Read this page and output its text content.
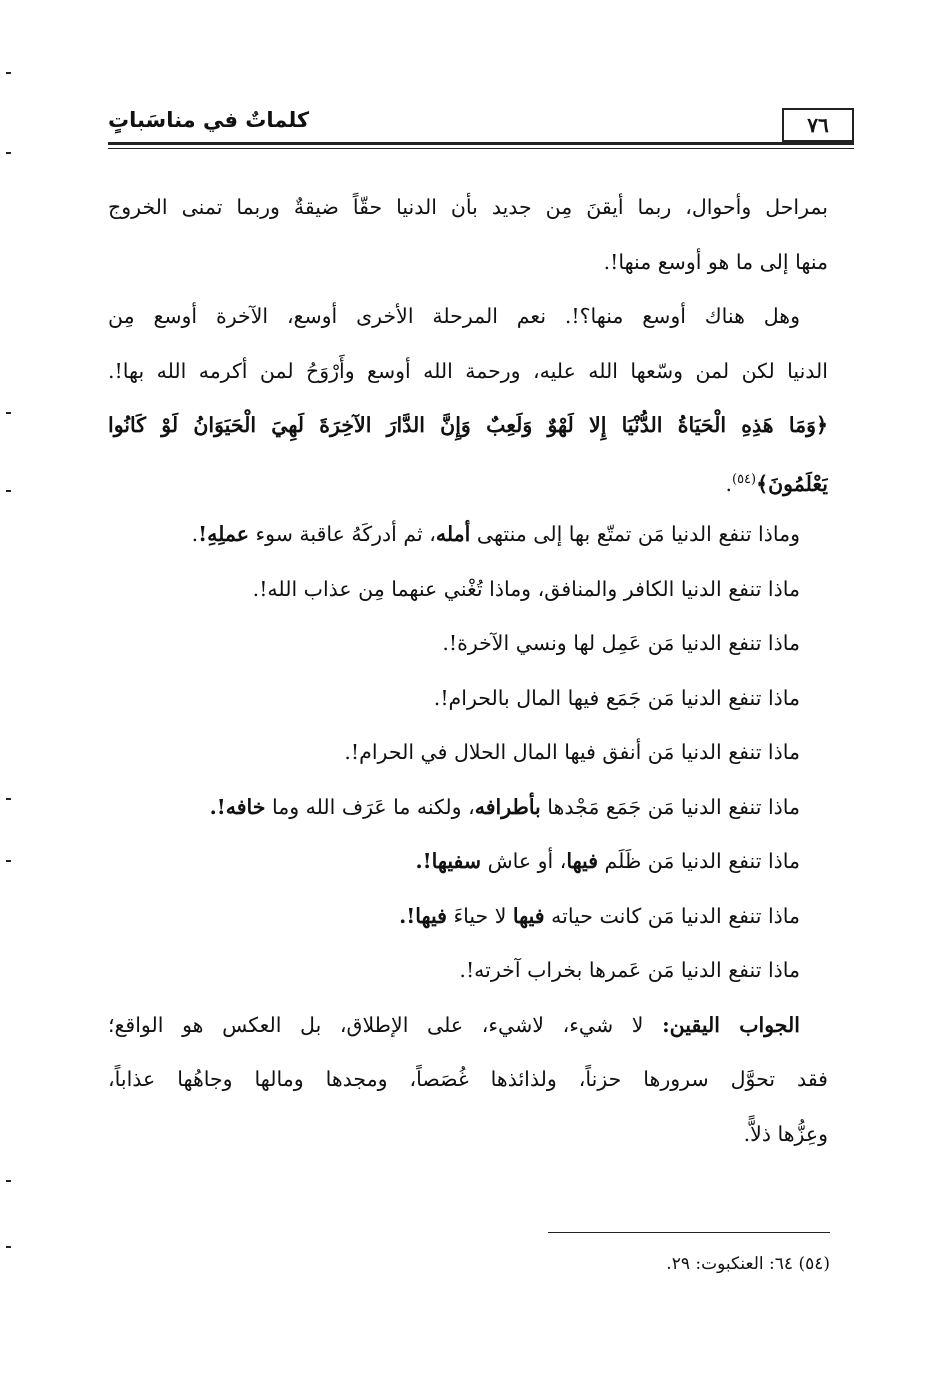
٧٦
كلماتٌ في مناسَباتٍ
بمراحل وأحوال، ربما أيقنَ مِن جديد بأن الدنيا حقّاً ضيقةٌ وربما تمنى الخروج
منها إلى ما هو أوسع منها!.
وهل هناك أوسع منها؟!. نعم المرحلة الأخرى أوسع، الآخرة أوسع مِن
الدنيا لكن لمن وسّعها الله عليه، ورحمة الله أوسع وأَرْوَحُ لمن أكرمه الله بها!.
﴿وَمَا هَذِهِ الْحَيَاةُ الدُّنْيَا إِلا لَهْوٌ وَلَعِبٌ وَإِنَّ الدَّارَ الآخِرَةَ لَهِيَ الْحَيَوَانُ لَوْ كَانُوا
يَعْلَمُونَ﴾$^{(٥٤)}$.
وماذا تنفع الدنيا مَن تمتّع بها إلى منتهى أمله، ثم أدركَهُ عاقبة سوء عملِهِ!.
ماذا تنفع الدنيا الكافر والمنافق، وماذا تُغْني عنهما مِن عذاب الله!.
ماذا تنفع الدنيا مَن عَمِل لها ونسي الآخرة!.
ماذا تنفع الدنيا مَن جَمَع فيها المال بالحرام!.
ماذا تنفع الدنيا مَن أنفق فيها المال الحلال في الحرام!.
ماذا تنفع الدنيا مَن جَمَع مَجْدها بأطرافه، ولكنه ما عَرَف الله وما خافه!.
ماذا تنفع الدنيا مَن ظَلَم فيها، أو عاش سفيها!.
ماذا تنفع الدنيا مَن كانت حياته فيها لا حياءَ فيها!.
ماذا تنفع الدنيا مَن عَمرها بخراب آخرته!.
الجواب اليقين: لا شيء، لاشيء، على الإطلاق، بل العكس هو الواقع؛
فقد تحوَّل سرورها حزناً، ولذائذها غُصَصاً، ومجدها ومالها وجاهُها عذاباً،
وعِزُّها ذلاًّ.
(٥٤) ٦٤: العنكبوت: ٢٩.
